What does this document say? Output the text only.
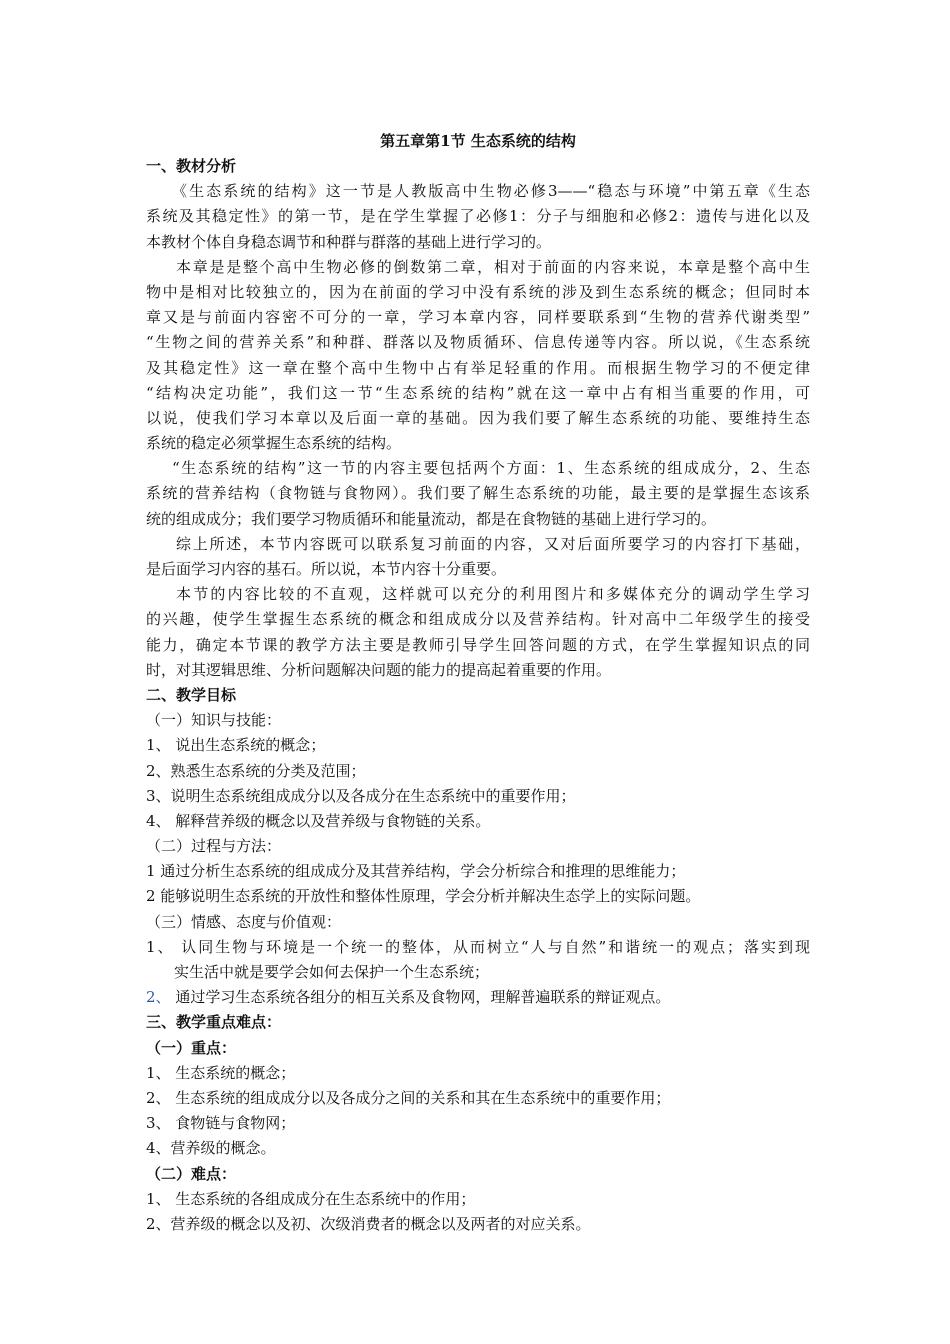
第五章第1节 生态系统的结构
一、教材分析
《生态系统的结构》这一节是人教版高中生物必修3——“稳态与环境”中第五章《生态
系统及其稳定性》的第一节，是在学生掌握了必修1：分子与细胞和必修2：遗传与进化以及
本教材个体自身稳态调节和种群与群落的基础上进行学习的。
本章是是整个高中生物必修的倒数第二章，相对于前面的内容来说，本章是整个高中生
物中是相对比较独立的，因为在前面的学习中没有系统的涉及到生态系统的概念；但同时本
章又是与前面内容密不可分的一章，学习本章内容，同样要联系到“生物的营养代谢类型”
“生物之间的营养关系”和种群、群落以及物质循环、信息传递等内容。所以说，《生态系统
及其稳定性》这一章在整个高中生物中占有举足轻重的作用。而根据生物学习的不便定律
“结构决定功能”，我们这一节“生态系统的结构”就在这一章中占有相当重要的作用，可
以说，使我们学习本章以及后面一章的基础。因为我们要了解生态系统的功能、要维持生态
系统的稳定必须掌握生态系统的结构。
“生态系统的结构”这一节的内容主要包括两个方面：1、生态系统的组成成分，2、生态
系统的营养结构（食物链与食物网）。我们要了解生态系统的功能，最主要的是掌握生态该系
统的组成成分；我们要学习物质循环和能量流动，都是在食物链的基础上进行学习的。
综上所述，本节内容既可以联系复习前面的内容，又对后面所要学习的内容打下基础，
是后面学习内容的基石。所以说，本节内容十分重要。
本节的内容比较的不直观，这样就可以充分的利用图片和多媒体充分的调动学生学习
的兴趣，使学生掌握生态系统的概念和组成成分以及营养结构。针对高中二年级学生的接受
能力，确定本节课的教学方法主要是教师引导学生回答问题的方式，在学生掌握知识点的同
时，对其逻辑思维、分析问题解决问题的能力的提高起着重要的作用。
二、教学目标
（一）知识与技能：
1、 说出生态系统的概念；
2、熟悉生态系统的分类及范围；
3、说明生态系统组成成分以及各成分在生态系统中的重要作用；
4、 解释营养级的概念以及营养级与食物链的关系。
（二）过程与方法：
1 通过分析生态系统的组成成分及其营养结构，学会分析综合和推理的思维能力；
2 能够说明生态系统的开放性和整体性原理，学会分析并解决生态学上的实际问题。
（三）情感、态度与价值观：
1、 认同生物与环境是一个统一的整体，从而树立“人与自然”和谐统一的观点；落实到现
实生活中就是要学会如何去保护一个生态系统；
2、 通过学习生态系统各组分的相互关系及食物网，理解普遍联系的辩证观点。
三、教学重点难点：
（一）重点：
1、 生态系统的概念；
2、 生态系统的组成成分以及各成分之间的关系和其在生态系统中的重要作用；
3、 食物链与食物网；
4、营养级的概念。
（二）难点：
1、 生态系统的各组成成分在生态系统中的作用；
2、营养级的概念以及初、次级消费者的概念以及两者的对应关系。
